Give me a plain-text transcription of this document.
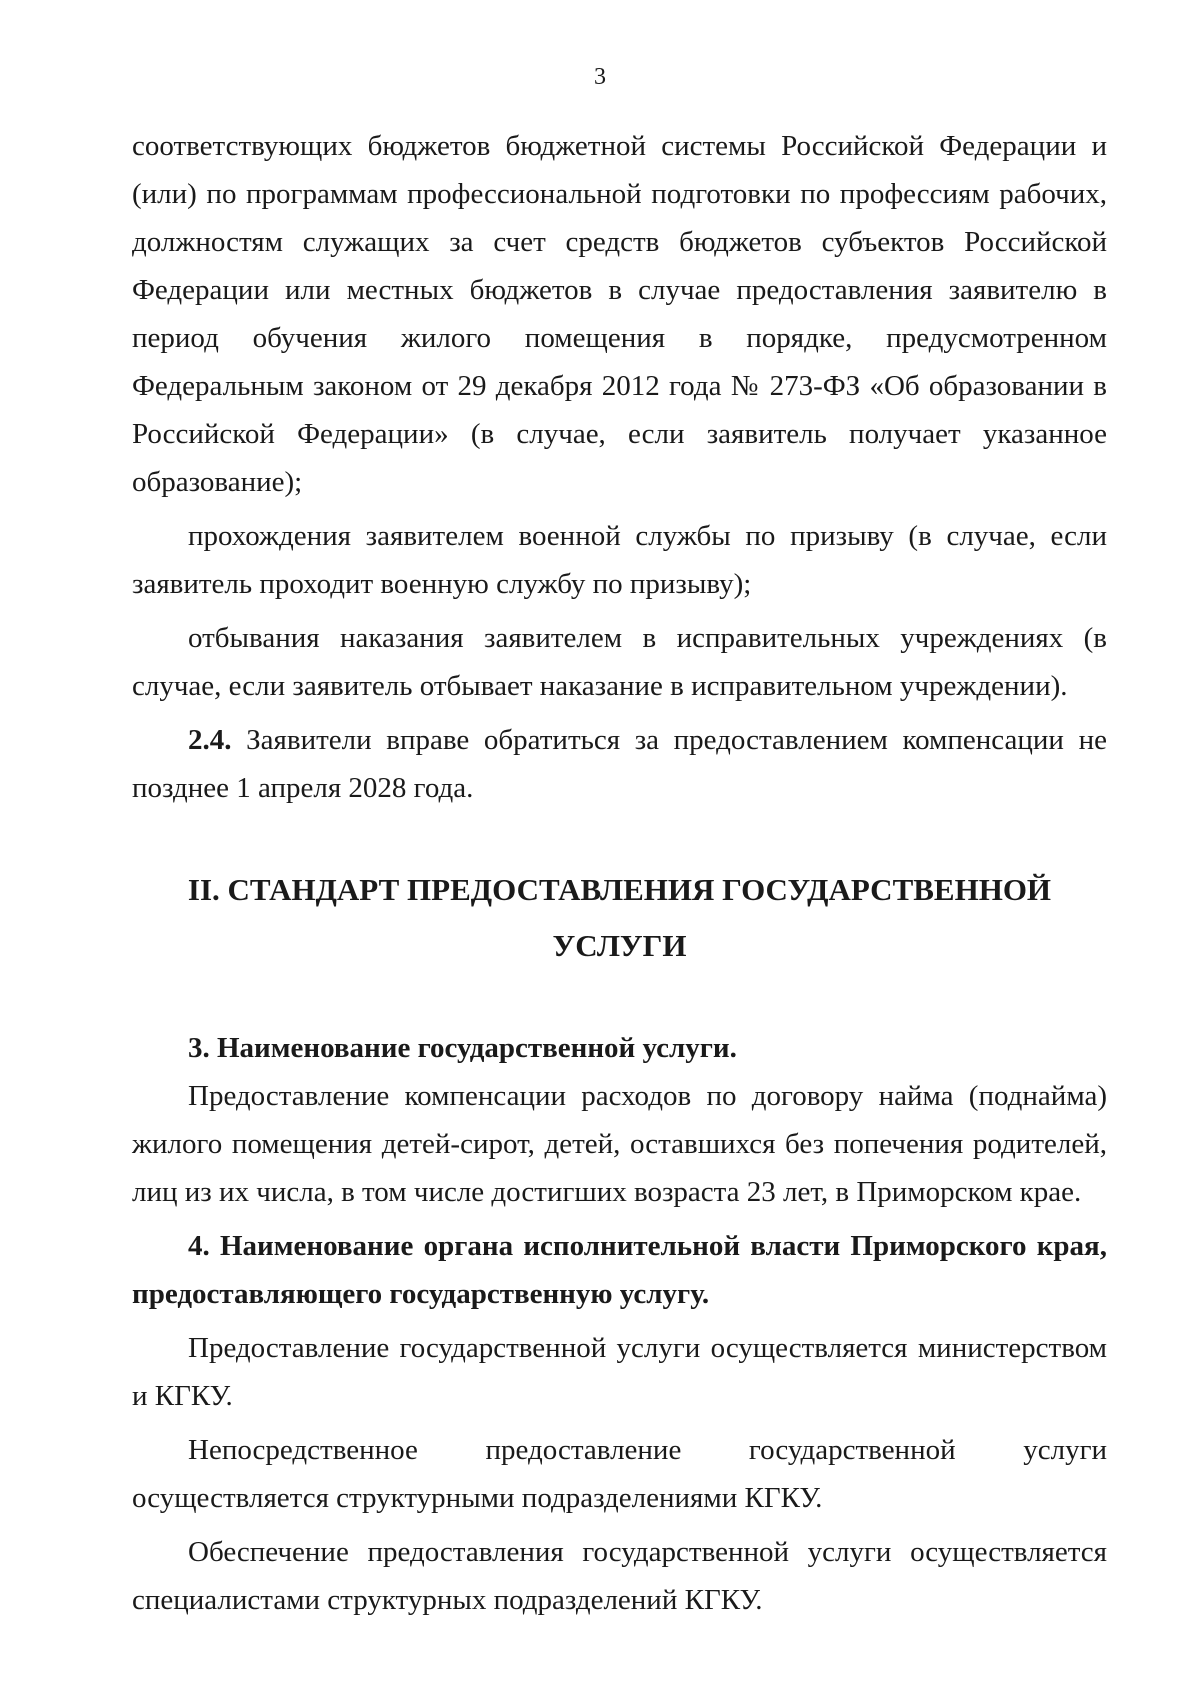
3

соответствующих бюджетов бюджетной системы Российской Федерации и (или) по программам профессиональной подготовки по профессиям рабочих, должностям служащих за счет средств бюджетов субъектов Российской Федерации или местных бюджетов в случае предоставления заявителю в период обучения жилого помещения в порядке, предусмотренном Федеральным законом от 29 декабря 2012 года № 273-ФЗ «Об образовании в Российской Федерации» (в случае, если заявитель получает указанное образование);

прохождения заявителем военной службы по призыву (в случае, если заявитель проходит военную службу по призыву);

отбывания наказания заявителем в исправительных учреждениях (в случае, если заявитель отбывает наказание в исправительном учреждении).

2.4. Заявители вправе обратиться за предоставлением компенсации не позднее 1 апреля 2028 года.

II. СТАНДАРТ ПРЕДОСТАВЛЕНИЯ ГОСУДАРСТВЕННОЙ УСЛУГИ

3. Наименование государственной услуги.

Предоставление компенсации расходов по договору найма (поднайма) жилого помещения детей-сирот, детей, оставшихся без попечения родителей, лиц из их числа, в том числе достигших возраста 23 лет, в Приморском крае.

4. Наименование органа исполнительной власти Приморского края, предоставляющего государственную услугу.

Предоставление государственной услуги осуществляется министерством и КГКУ.

Непосредственное предоставление государственной услуги осуществляется структурными подразделениями КГКУ.

Обеспечение предоставления государственной услуги осуществляется специалистами структурных подразделений КГКУ.
